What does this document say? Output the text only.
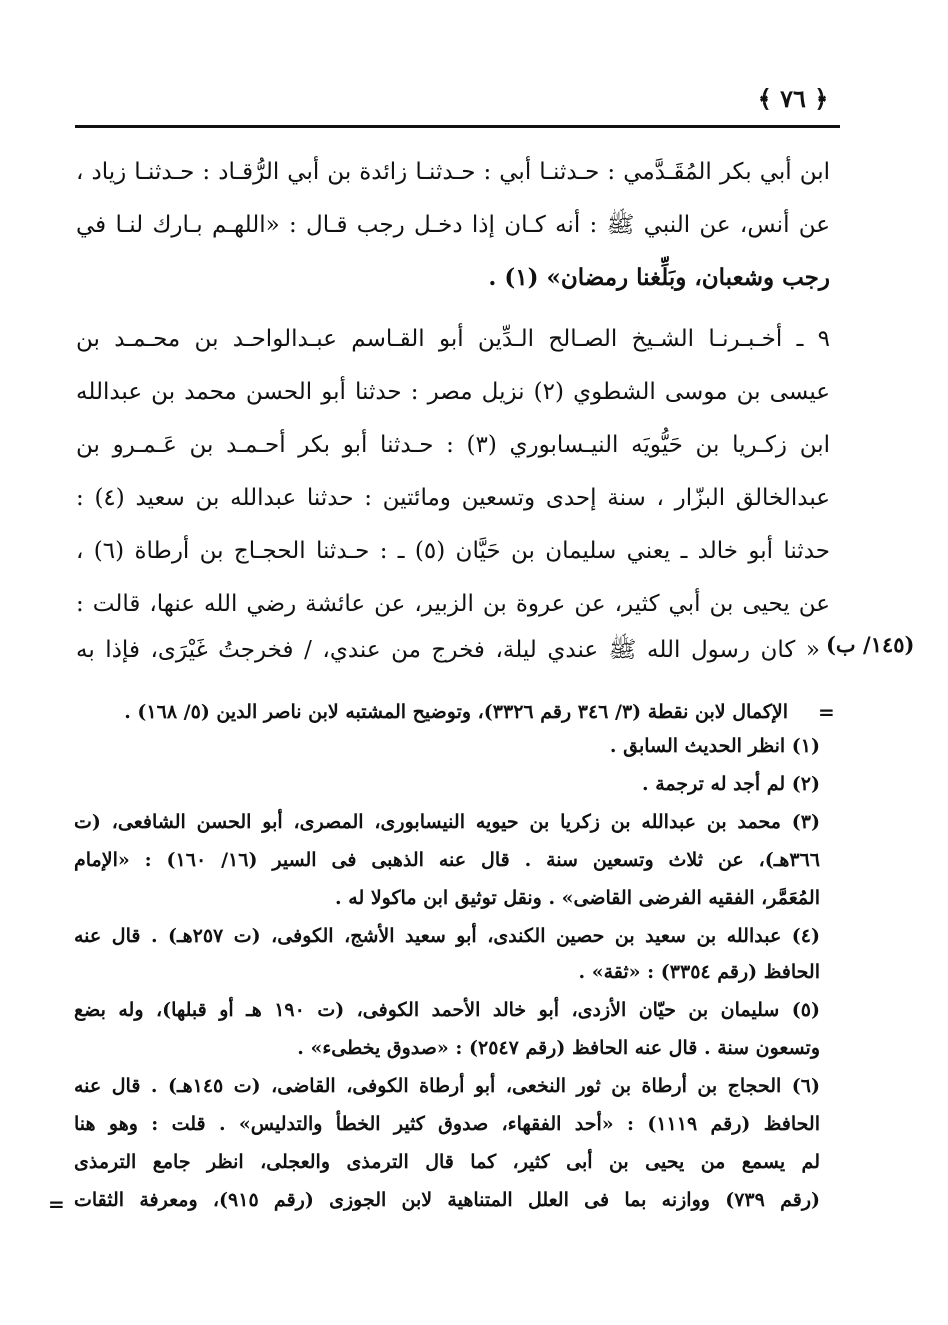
﴿ ٧٦ ﴾
ابن أبي بكر المُقَـدَّمي : حـدثنـا أبي : حـدثنـا زائدة بن أبي الرُّقـاد : حـدثنـا زياد ،
عن أنس، عن النبي ﷺ : أنه كـان إذا دخـل رجب قـال : «اللهـم بـارك لنـا في
رجب وشعبان، وبَلِّغنا رمضان» (١) .
٩ ـ أخـبـرنـا الشـيخ الصـالح الـدِّين أبو القـاسم عبـدالواحـد بن محـمـد بن
عيسى بن موسى الشطوي (٢) نزيل مصر : حدثنا أبو الحسن محمد بن عبدالله
ابن زكـريا بن حَيُّويَه النيـسابوري (٣) : حـدثنا أبو بكر أحـمـد بن عَـمـرو بن
عبدالخالق البزّار ، سنة إحدى وتسعين ومائتين : حدثنا عبدالله بن سعيد (٤) :
حدثنا أبو خالد ـ يعني سليمان بن حَيَّان (٥) ـ : حـدثنا الحجـاج بن أرطاة (٦) ،
عن يحيى بن أبي كثير، عن عروة بن الزبير، عن عائشة رضي الله عنها، قالت :
« كان رسول الله ﷺ عندي ليلة، فخرج من عندي، / فخرجتُ غَيْرَى، فإذا به (١٤٥/ ب)
=
الإكمال لابن نقطة (٣/ ٣٤٦ رقم ٣٣٢٦)، وتوضيح المشتبه لابن ناصر الدين (٥/ ١٦٨) .
(١) انظر الحديث السابق .
(٢) لم أجد له ترجمة .
(٣) محمد بن عبدالله بن زكريا بن حيويه النيسابورى، المصرى، أبو الحسن الشافعى، (ت
٣٦٦هـ)، عن ثلاث وتسعين سنة . قال عنه الذهبى فى السير (١٦/ ١٦٠) : «الإمام
المُعَمَّر، الفقيه الفرضى القاضى» . ونقل توثيق ابن ماكولا له .
(٤) عبدالله بن سعيد بن حصين الكندى، أبو سعيد الأشج، الكوفى، (ت ٢٥٧هـ) . قال عنه
الحافظ (رقم ٣٣٥٤) : «ثقة» .
(٥) سليمان بن حيّان الأزدى، أبو خالد الأحمد الكوفى، (ت ١٩٠ هـ أو قبلها)، وله بضع
وتسعون سنة . قال عنه الحافظ (رقم ٢٥٤٧) : «صدوق يخطىء» .
(٦) الحجاج بن أرطاة بن ثور النخعى، أبو أرطاة الكوفى، القاضى، (ت ١٤٥هـ) . قال عنه
الحافظ (رقم ١١١٩) : «أحد الفقهاء، صدوق كثير الخطأ والتدليس» . قلت : وهو هنا
لم يسمع من يحيى بن أبى كثير، كما قال الترمذى والعجلى، انظر جامع الترمذى
(رقم ٧٣٩) ووازنه بما فى العلل المتناهية لابن الجوزى (رقم ٩١٥)، ومعرفة الثقات
=
